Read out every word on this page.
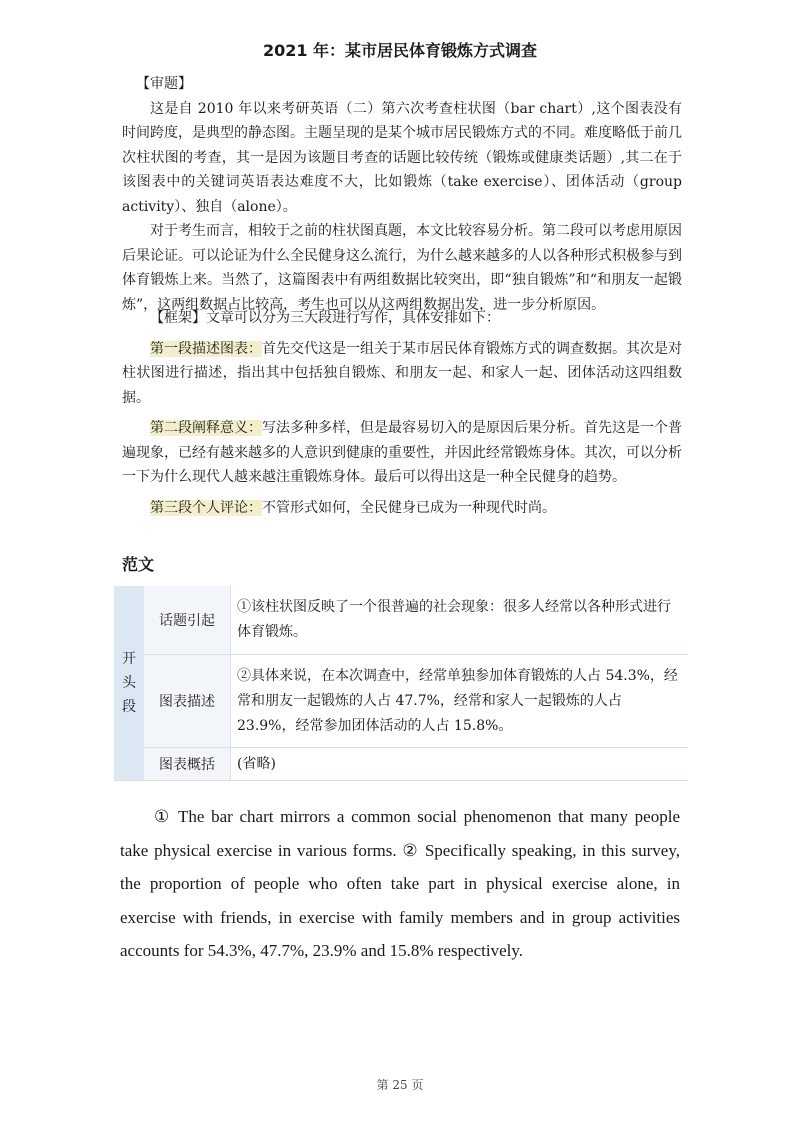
2021 年：某市居民体育锻炼方式调查
【审题】
这是自 2010 年以来考研英语（二）第六次考查柱状图（bar chart）,这个图表没有时间跨度，是典型的静态图。主题呈现的是某个城市居民锻炼方式的不同。难度略低于前几次柱状图的考查，其一是因为该题目考查的话题比较传统（锻炼或健康类话题）,其二在于该图表中的关键词英语表达难度不大，比如锻炼（take exercise）、团体活动（group activity）、独自（alone）。
对于考生而言，相较于之前的柱状图真题，本文比较容易分析。第二段可以考虑用原因后果论证。可以论证为什么全民健身这么流行，为什么越来越多的人以各种形式积极参与到体育锻炼上来。当然了，这篇图表中有两组数据比较突出，即“独自锻炼”和“和朋友一起锻炼”，这两组数据占比较高，考生也可以从这两组数据出发，进一步分析原因。
【框架】文章可以分为三大段进行写作，具体安排如下：
第一段描述图表：首先交代这是一组关于某市居民体育锻炼方式的调查数据。其次是对柱状图进行描述，指出其中包括独自锻炼、和朋友一起、和家人一起、团体活动这四组数据。
第二段阐释意义：写法多种多样，但是最容易切入的是原因后果分析。首先这是一个普遍现象，已经有越来越多的人意识到健康的重要性，并因此经常锻炼身体。其次，可以分析一下为什么现代人越来越注重锻炼身体。最后可以得出这是一种全民健身的趋势。
第三段个人评论：不管形式如何，全民健身已成为一种现代时尚。
范文
开
头
段	话题引起	①该柱状图反映了一个很普遍的社会现象：很多人经常以各种形式进行体育锻炼。
	图表描述	②具体来说，在本次调查中，经常单独参加体育锻炼的人占 54.3%，经常和朋友一起锻炼的人占 47.7%，经常和家人一起锻炼的人占 23.9%，经常参加团体活动的人占 15.8%。
	图表概括	(省略)
① The bar chart mirrors a common social phenomenon that many people take physical exercise in various forms. ② Specifically speaking, in this survey, the proportion of people who often take part in physical exercise alone, in exercise with friends, in exercise with family members and in group activities accounts for 54.3%, 47.7%, 23.9% and 15.8% respectively.
第 25 页
